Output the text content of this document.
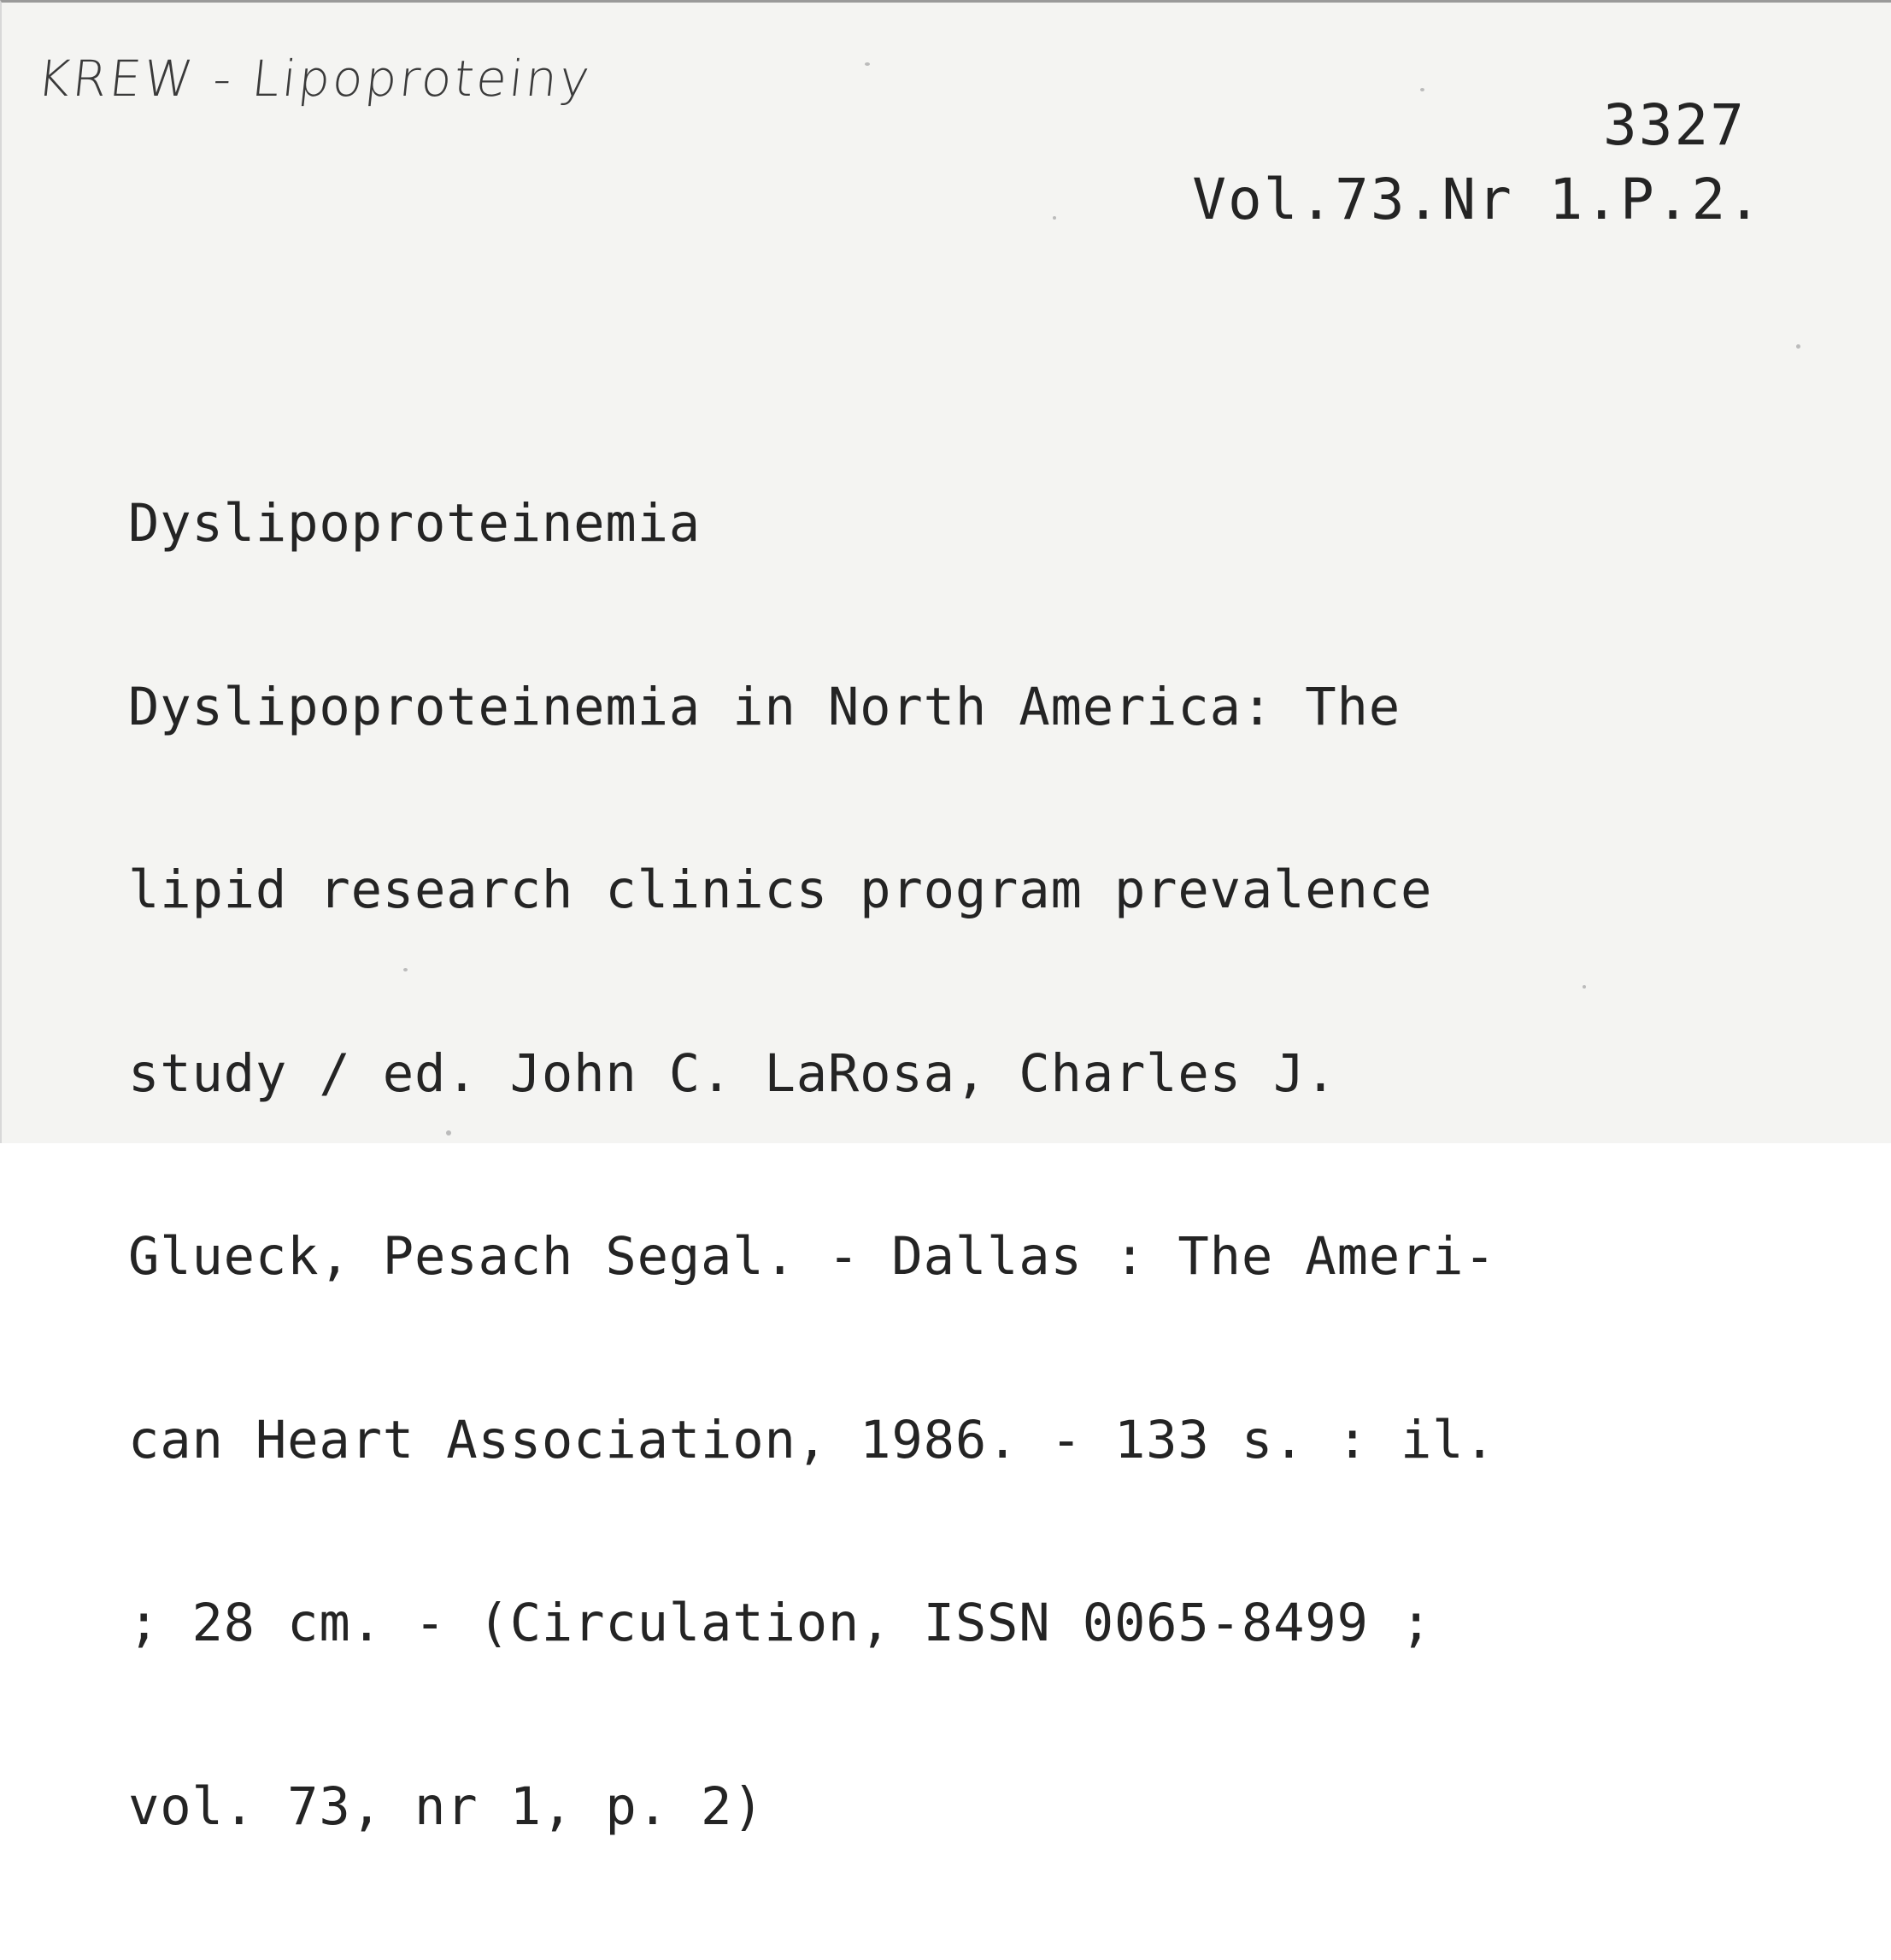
KREW - Lipoproteiny
3327
Vol.73.Nr 1.P.2.

Dyslipoproteinemia

Dyslipoproteinemia in North America: The

lipid research clinics program prevalence

study / ed. John C. LaRosa, Charles J.

Glueck, Pesach Segal. - Dallas : The Ameri-

can Heart Association, 1986. - 133 s. : il.

; 28 cm. - (Circulation, ISSN 0065-8499 ;

vol. 73, nr 1, p. 2)
